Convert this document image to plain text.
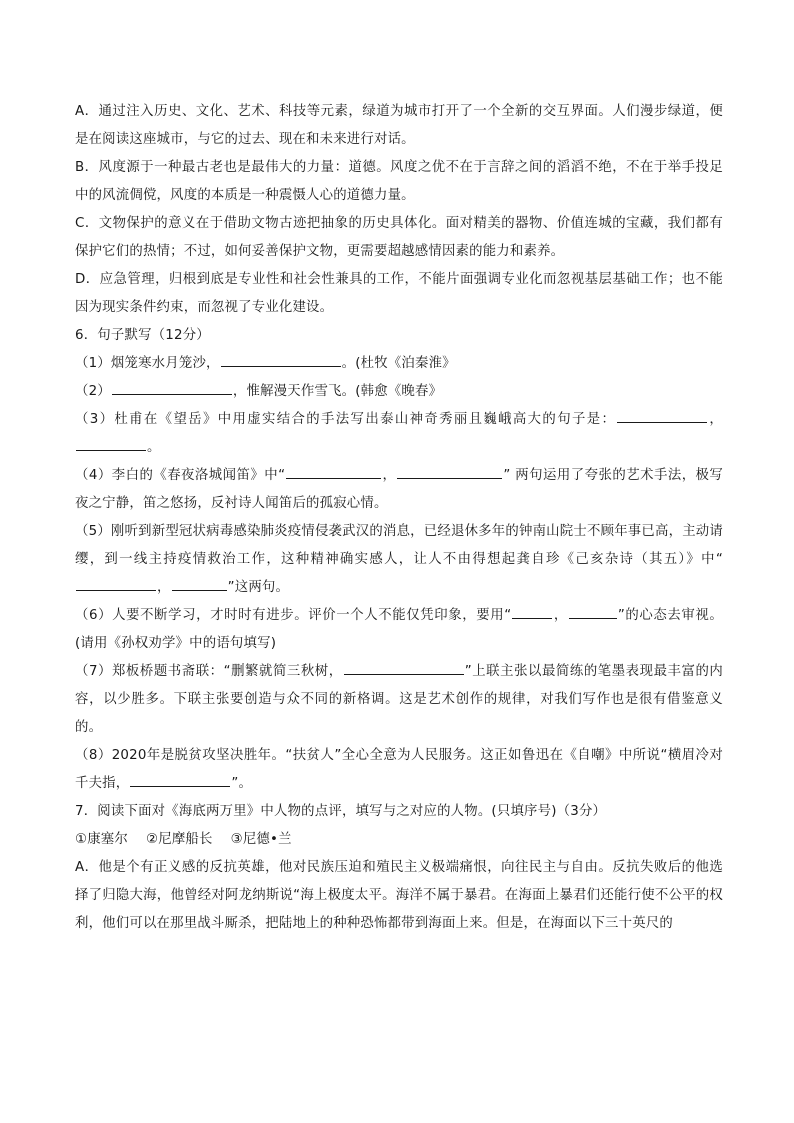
A．通过注入历史、文化、艺术、科技等元素，绿道为城市打开了一个全新的交互界面。人们漫步绿道，便是在阅读这座城市，与它的过去、现在和未来进行对话。

B．风度源于一种最古老也是最伟大的力量：道德。风度之优不在于言辞之间的滔滔不绝，不在于举手投足中的风流倜傥，风度的本质是一种震慑人心的道德力量。

C．文物保护的意义在于借助文物古迹把抽象的历史具体化。面对精美的器物、价值连城的宝藏，我们都有保护它们的热情；不过，如何妥善保护文物，更需要超越感情因素的能力和素养。

D．应急管理，归根到底是专业性和社会性兼具的工作，不能片面强调专业化而忽视基层基础工作；也不能因为现实条件约束，而忽视了专业化建设。

6．句子默写（12分）

（1）烟笼寒水月笼沙，	。(杜牧《泊秦淮》

（2）	，惟解漫天作雪飞。(韩愈《晚春》

（3）杜甫在《望岳》中用虚实结合的手法写出泰山神奇秀丽且巍峨高大的句子是：	，。

（4）李白的《春夜洛城闻笛》中“	，	” 两句运用了夸张的艺术手法，极写夜之宁静，笛之悠扬，反衬诗人闻笛后的孤寂心情。

（5）刚听到新型冠状病毒感染肺炎疫情侵袭武汉的消息，已经退休多年的钟南山院士不顾年事已高，主动请缨，到一线主持疫情救治工作，这种精神确实感人，让人不由得想起龚自珍《己亥杂诗（其五）》中“，	”这两句。

（6）人要不断学习，才时时有进步。评价一个人不能仅凭印象，要用“	，	”的心态去审视。(请用《孙权劝学》中的语句填写)

（7）郑板桥题书斋联：“删繁就简三秋树，	”上联主张以最简练的笔墨表现最丰富的内容，以少胜多。下联主张要创造与众不同的新格调。这是艺术创作的规律，对我们写作也是很有借鉴意义的。

（8）2020年是脱贫攻坚决胜年。“扶贫人”全心全意为人民服务。这正如鲁迅在《自嘲》中所说“横眉冷对千夫指，	”。

7．阅读下面对《海底两万里》中人物的点评，填写与之对应的人物。(只填序号)（3分）

①康塞尔　 ②尼摩船长　 ③尼德•兰

A．他是个有正义感的反抗英雄，他对民族压迫和殖民主义极端痛恨，向往民主与自由。反抗失败后的他选择了归隐大海，他曾经对阿龙纳斯说“海上极度太平。海洋不属于暴君。在海面上暴君们还能行使不公平的权利，他们可以在那里战斗厮杀，把陆地上的种种恐怖都带到海面上来。但是，在海面以下三十英尺的
